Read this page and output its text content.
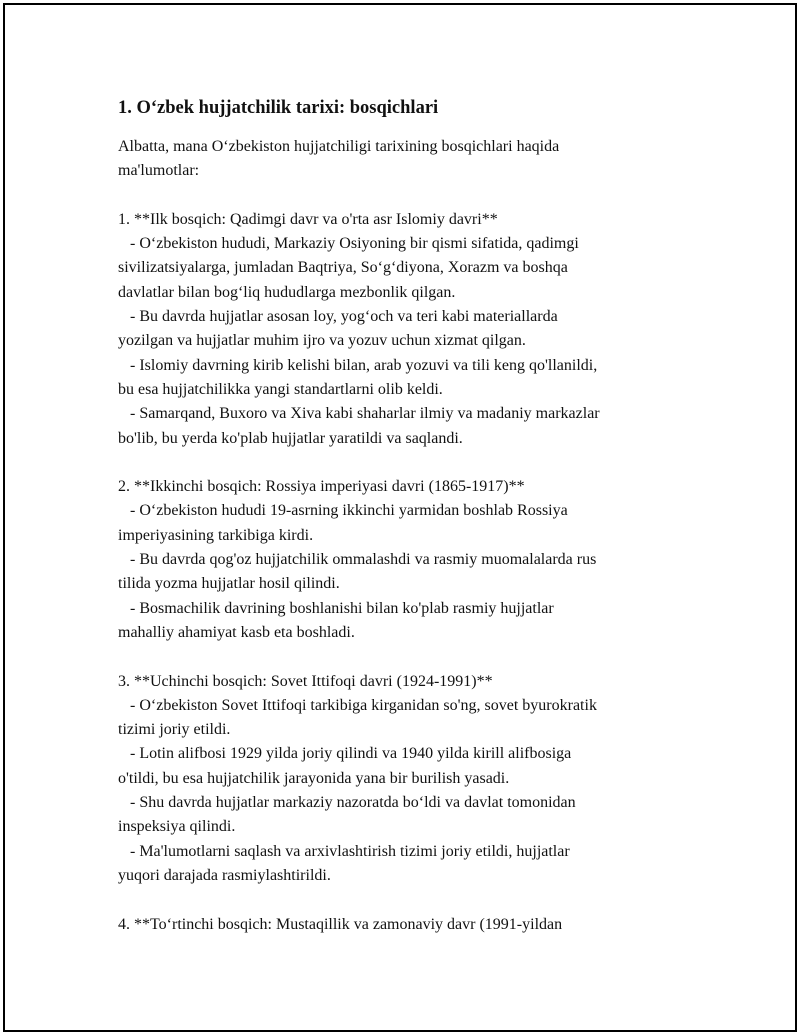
1. O‘zbek hujjatchilik tarixi: bosqichlari
Albatta, mana O‘zbekiston hujjatchiligi tarixining bosqichlari haqida
ma'lumotlar:

1. **Ilk bosqich: Qadimgi davr va o'rta asr Islomiy davri**
- O‘zbekiston hududi, Markaziy Osiyoning bir qismi sifatida, qadimgi
sivilizatsiyalarga, jumladan Baqtriya, So‘g‘diyona, Xorazm va boshqa
davlatlar bilan bog‘liq hududlarga mezbonlik qilgan.
- Bu davrda hujjatlar asosan loy, yog‘och va teri kabi materiallarda
yozilgan va hujjatlar muhim ijro va yozuv uchun xizmat qilgan.
- Islomiy davrning kirib kelishi bilan, arab yozuvi va tili keng qo'llanildi,
bu esa hujjatchilikka yangi standartlarni olib keldi.
- Samarqand, Buxoro va Xiva kabi shaharlar ilmiy va madaniy markazlar
bo'lib, bu yerda ko'plab hujjatlar yaratildi va saqlandi.

2. **Ikkinchi bosqich: Rossiya imperiyasi davri (1865-1917)**
- O‘zbekiston hududi 19-asrning ikkinchi yarmidan boshlab Rossiya
imperiyasining tarkibiga kirdi.
- Bu davrda qog'oz hujjatchilik ommalashdi va rasmiy muomalalarda rus
tilida yozma hujjatlar hosil qilindi.
- Bosmachilik davrining boshlanishi bilan ko'plab rasmiy hujjatlar
mahalliy ahamiyat kasb eta boshladi.

3. **Uchinchi bosqich: Sovet Ittifoqi davri (1924-1991)**
- O‘zbekiston Sovet Ittifoqi tarkibiga kirganidan so'ng, sovet byurokratik
tizimi joriy etildi.
- Lotin alifbosi 1929 yilda joriy qilindi va 1940 yilda kirill alifbosiga
o'tildi, bu esa hujjatchilik jarayonida yana bir burilish yasadi.
- Shu davrda hujjatlar markaziy nazoratda bo‘ldi va davlat tomonidan
inspeksiya qilindi.
- Ma'lumotlarni saqlash va arxivlashtirish tizimi joriy etildi, hujjatlar
yuqori darajada rasmiylashtirildi.

4. **To‘rtinchi bosqich: Mustaqillik va zamonaviy davr (1991-yildan
